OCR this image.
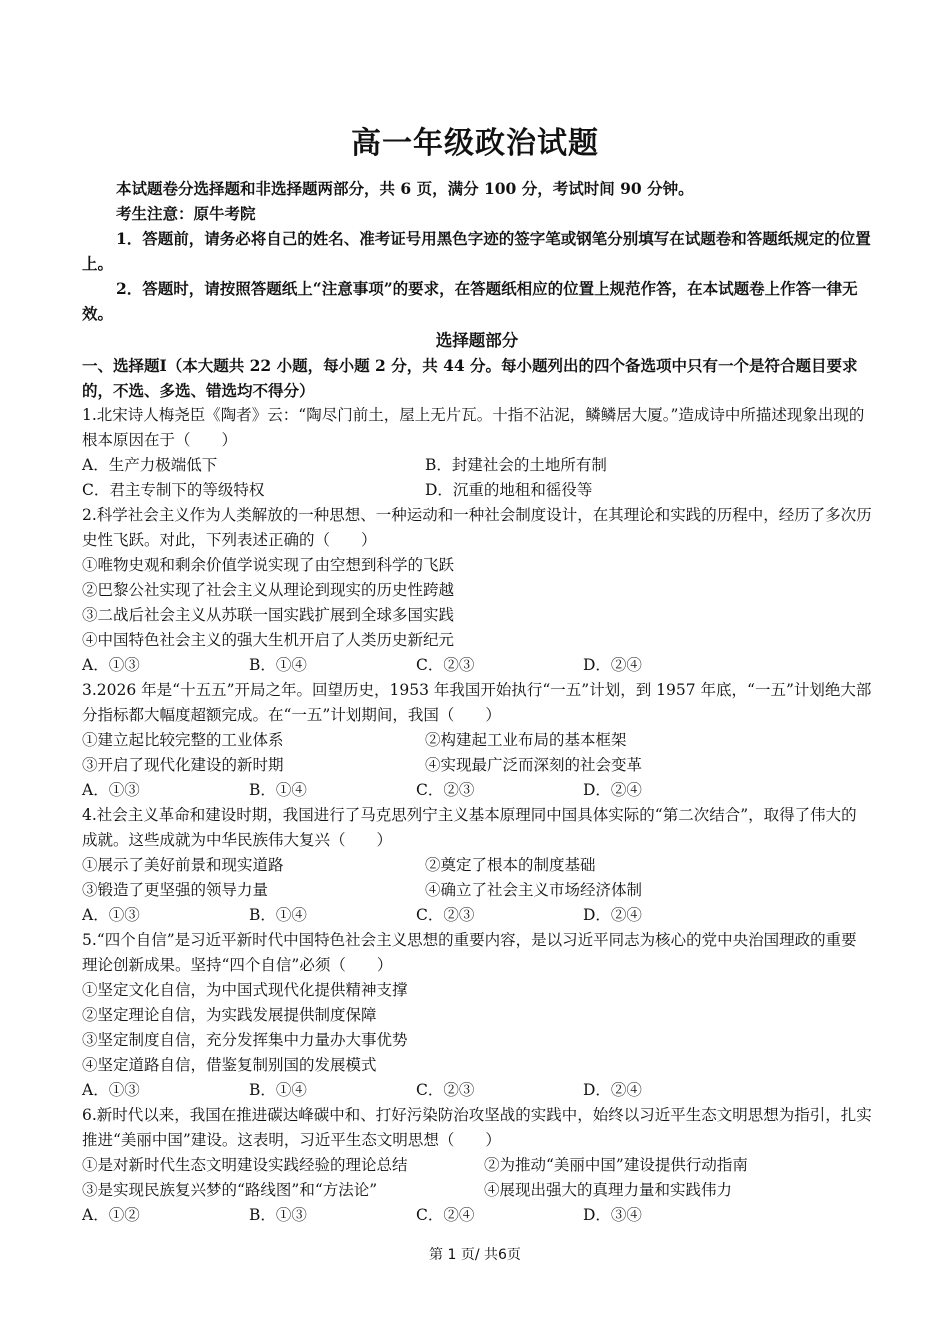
高一年级政治试题

本试题卷分选择题和非选择题两部分，共 6 页，满分 100 分，考试时间 90 分钟。

考生注意：原牛考院

1．答题前，请务必将自己的姓名、准考证号用黑色字迹的签字笔或钢笔分别填写在试题卷和答题纸规定的位置上。

2．答题时，请按照答题纸上“注意事项”的要求，在答题纸相应的位置上规范作答，在本试题卷上作答一律无效。

选择题部分

一、选择题Ⅰ（本大题共 22 小题，每小题 2 分，共 44 分。每小题列出的四个备选项中只有一个是符合题目要求的，不选、多选、错选均不得分）

1.北宋诗人梅尧臣《陶者》云：“陶尽门前土，屋上无片瓦。十指不沾泥，鳞鳞居大厦。”造成诗中所描述现象出现的根本原因在于（　　）

A．生产力极端低下	B．封建社会的土地所有制
C．君主专制下的等级特权	D．沉重的地租和徭役等

2.科学社会主义作为人类解放的一种思想、一种运动和一种社会制度设计，在其理论和实践的历程中，经历了多次历史性飞跃。对此，下列表述正确的（　　）

①唯物史观和剩余价值学说实现了由空想到科学的飞跃

②巴黎公社实现了社会主义从理论到现实的历史性跨越

③二战后社会主义从苏联一国实践扩展到全球多国实践

④中国特色社会主义的强大生机开启了人类历史新纪元

A．①③	B．①④	C．②③	D．②④

3.2026 年是“十五五”开局之年。回望历史，1953 年我国开始执行“一五”计划，到 1957 年底，“一五”计划绝大部分指标都大幅度超额完成。在“一五”计划期间，我国（　　）

①建立起比较完整的工业体系	②构建起工业布局的基本框架
③开启了现代化建设的新时期	④实现最广泛而深刻的社会变革
A．①③	B．①④	C．②③	D．②④

4.社会主义革命和建设时期，我国进行了马克思列宁主义基本原理同中国具体实际的“第二次结合”，取得了伟大的成就。这些成就为中华民族伟大复兴（　　）

①展示了美好前景和现实道路	②奠定了根本的制度基础
③锻造了更坚强的领导力量	④确立了社会主义市场经济体制
A．①③	B．①④	C．②③	D．②④

5.“四个自信”是习近平新时代中国特色社会主义思想的重要内容，是以习近平同志为核心的党中央治国理政的重要理论创新成果。坚持“四个自信”必须（　　）

①坚定文化自信，为中国式现代化提供精神支撑

②坚定理论自信，为实践发展提供制度保障

③坚定制度自信，充分发挥集中力量办大事优势

④坚定道路自信，借鉴复制别国的发展模式

A．①③	B．①④	C．②③	D．②④

6.新时代以来，我国在推进碳达峰碳中和、打好污染防治攻坚战的实践中，始终以习近平生态文明思想为指引，扎实推进“美丽中国”建设。这表明，习近平生态文明思想（　　）

①是对新时代生态文明建设实践经验的理论总结	②为推动“美丽中国”建设提供行动指南
③是实现民族复兴梦的“路线图”和“方法论”	④展现出强大的真理力量和实践伟力
A．①②	B．①③	C．②④	D．③④
第 1 页/ 共6页
